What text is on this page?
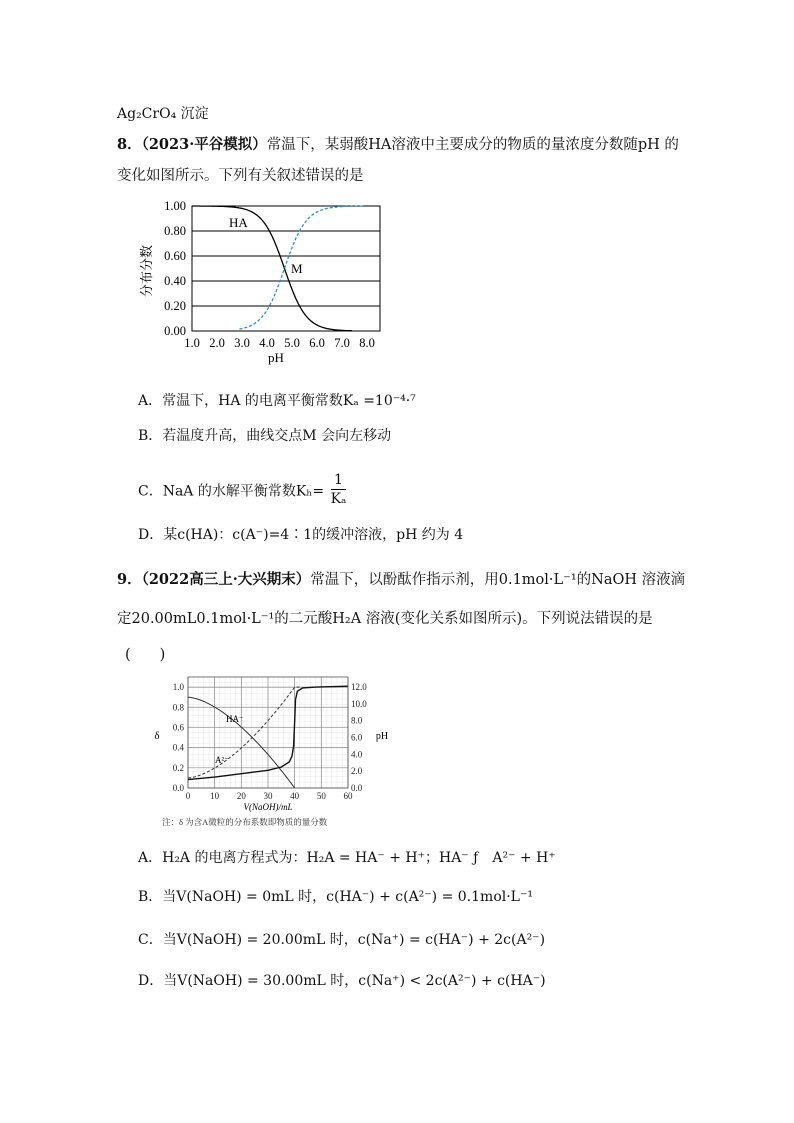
Ag₂CrO₄ 沉淀
8．（2023·平谷模拟）常温下，某弱酸HA溶液中主要成分的物质的量浓度分数随pH 的
变化如图所示。下列有关叙述错误的是
1.00
0.80
0.60
0.40
0.20
0.00
1.0 2.0 3.0 4.0 5.0 6.0 7.0 8.0
分布分数
pH
HA
M
A．常温下，HA 的电离平衡常数Kₐ =10⁻⁴·⁷
B．若温度升高，曲线交点M 会向左移动
C．NaA 的水解平衡常数$K_h= \frac{1}{\text{Kₐ}}$
D．某c(HA)：c(A⁻)=4∶1的缓冲溶液，pH 约为 4
9．（2022高三上·大兴期末）常温下，以酚酞作指示剂，用0.1mol·L⁻¹的NaOH 溶液滴
定20.00mL0.1mol·L⁻¹的二元酸H₂A 溶液(变化关系如图所示)。下列说法错误的是
(　　)
1.0
0.8
0.6
0.4
0.2
0.0
12.0
10.0
8.0
6.0
4.0
2.0
0.0
0 10 20 30 40 50 60
δ	pH
V(NaOH)/mL
HA⁻
A²⁻
注：δ 为含A微粒的分布系数即物质的量分数
A．H₂A 的电离方程式为：H₂A = HA⁻ + H⁺；HA⁻ ƒ　A²⁻ + H⁺
B．当V(NaOH) = 0mL 时，c(HA⁻) + c(A²⁻) = 0.1mol·L⁻¹
C．当V(NaOH) = 20.00mL 时，c(Na⁺) = c(HA⁻) + 2c(A²⁻)
D．当V(NaOH) = 30.00mL 时，c(Na⁺) < 2c(A²⁻) + c(HA⁻)
